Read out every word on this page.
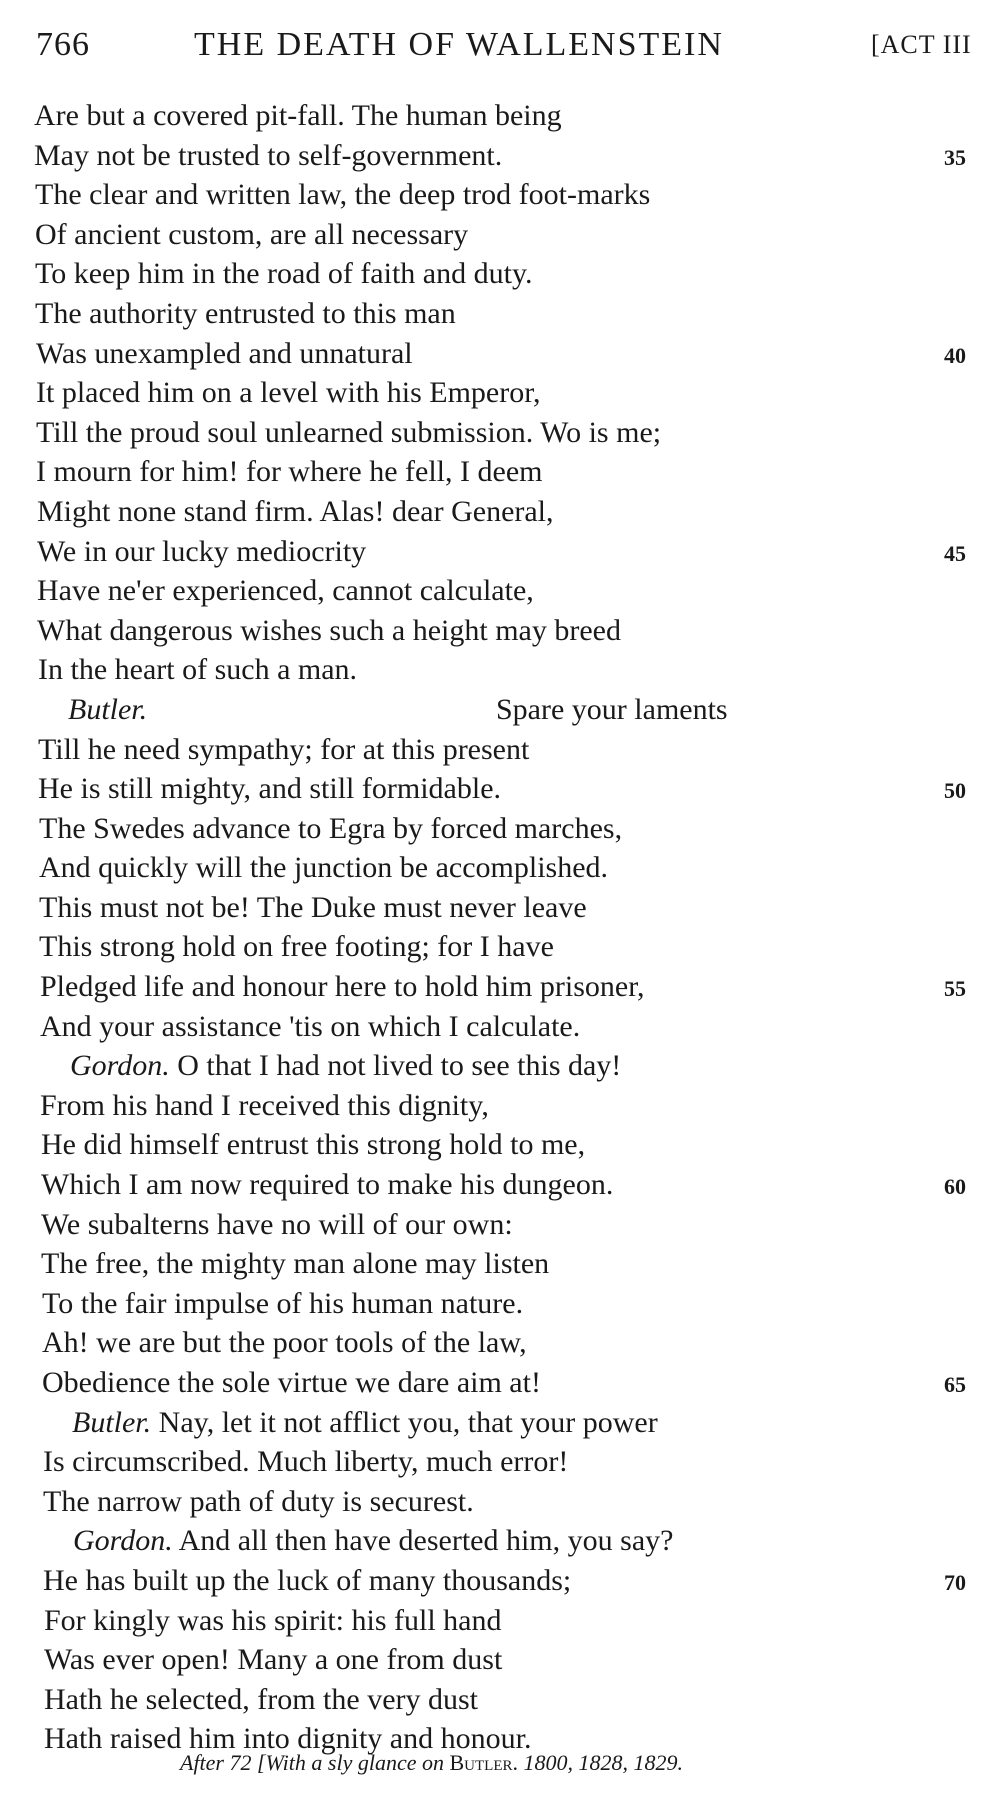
766	THE DEATH OF WALLENSTEIN	[ACT III
Are but a covered pit-fall. The human being
May not be trusted to self-government.	35
The clear and written law, the deep trod foot-marks
Of ancient custom, are all necessary
To keep him in the road of faith and duty.
The authority entrusted to this man
Was unexampled and unnatural	40
It placed him on a level with his Emperor,
Till the proud soul unlearned submission. Wo is me;
I mourn for him! for where he fell, I deem
Might none stand firm. Alas! dear General,
We in our lucky mediocrity	45
Have ne'er experienced, cannot calculate,
What dangerous wishes such a height may breed
In the heart of such a man.
Butler.	Spare your laments
Till he need sympathy; for at this present
He is still mighty, and still formidable.	50
The Swedes advance to Egra by forced marches,
And quickly will the junction be accomplished.
This must not be! The Duke must never leave
This strong hold on free footing; for I have
Pledged life and honour here to hold him prisoner,	55
And your assistance 'tis on which I calculate.
Gordon. O that I had not lived to see this day!
From his hand I received this dignity,
He did himself entrust this strong hold to me,
Which I am now required to make his dungeon.	60
We subalterns have no will of our own:
The free, the mighty man alone may listen
To the fair impulse of his human nature.
Ah! we are but the poor tools of the law,
Obedience the sole virtue we dare aim at!	65
Butler. Nay, let it not afflict you, that your power
Is circumscribed. Much liberty, much error!
The narrow path of duty is securest.
Gordon. And all then have deserted him, you say?
He has built up the luck of many thousands;	70
For kingly was his spirit: his full hand
Was ever open! Many a one from dust
Hath he selected, from the very dust
Hath raised him into dignity and honour.
After 72 [With a sly glance on Butler. 1800, 1828, 1829.
